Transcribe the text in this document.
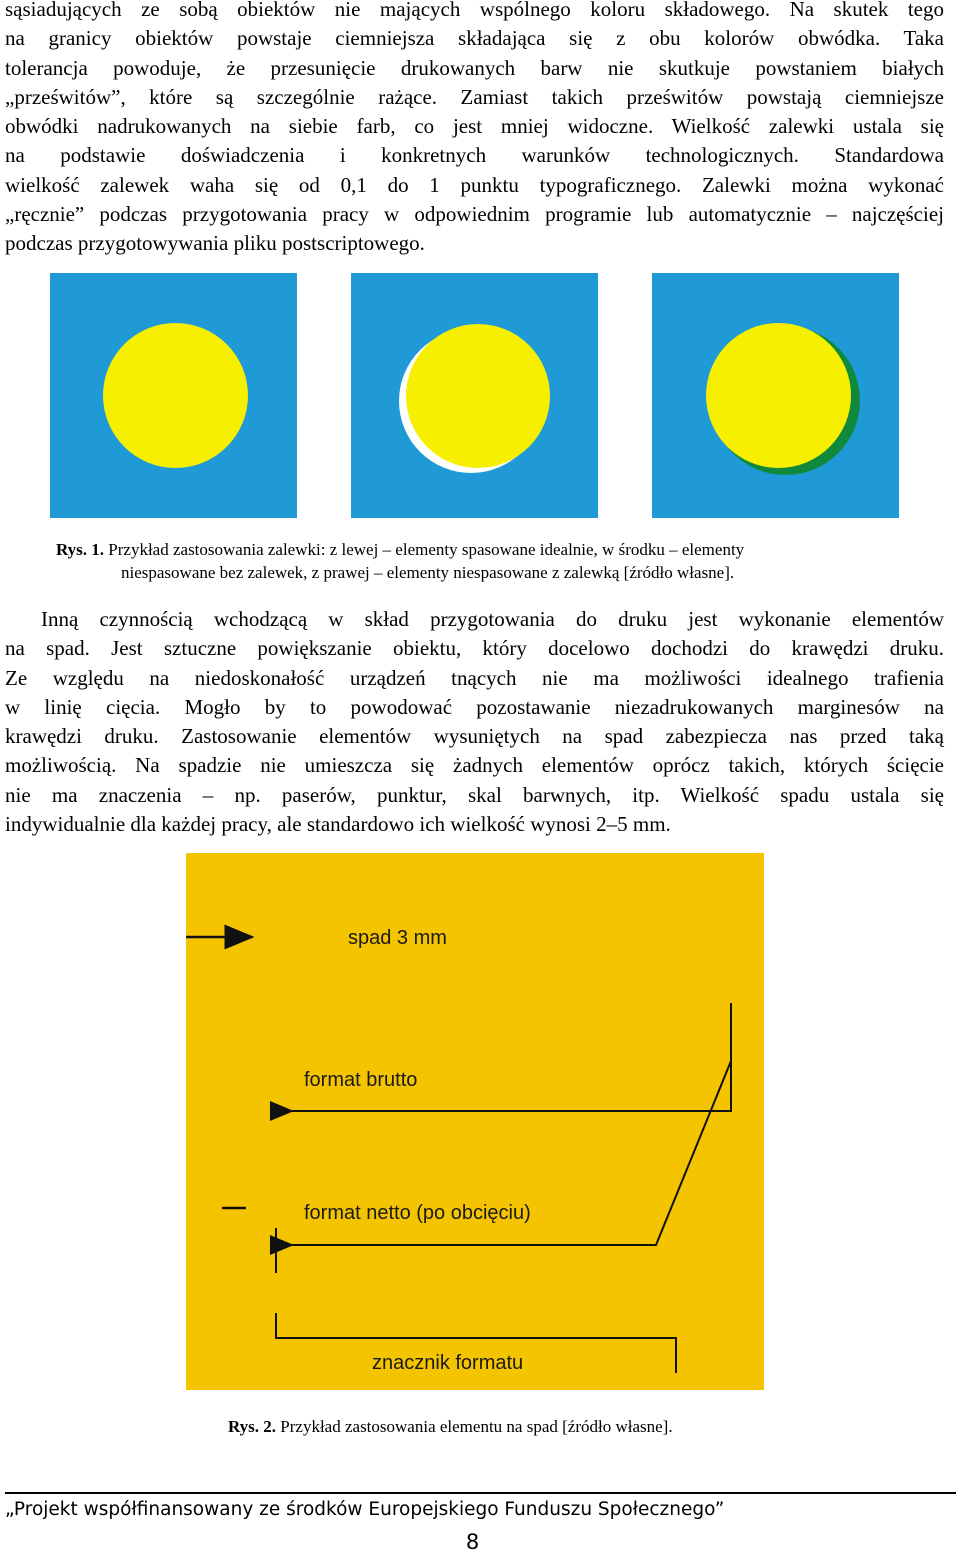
sąsiadujących ze sobą obiektów nie mających wspólnego koloru składowego. Na skutek tego
na granicy obiektów powstaje ciemniejsza składająca się z obu kolorów obwódka. Taka
tolerancja powoduje, że przesunięcie drukowanych barw nie skutkuje powstaniem białych
„prześwitów”, które są szczególnie rażące. Zamiast takich prześwitów powstają ciemniejsze
obwódki nadrukowanych na siebie farb, co jest mniej widoczne. Wielkość zalewki ustala się
na podstawie doświadczenia i konkretnych warunków technologicznych. Standardowa
wielkość zalewek waha się od 0,1 do 1 punktu typograficznego. Zalewki można wykonać
„ręcznie” podczas przygotowania pracy w odpowiednim programie lub automatycznie – najczęściej
podczas przygotowywania pliku postscriptowego.
Rys. 1. Przykład zastosowania zalewki: z lewej – elementy spasowane idealnie, w środku – elementy
niespasowane bez zalewek, z prawej – elementy niespasowane z zalewką [źródło własne].
Inną czynnością wchodzącą w skład przygotowania do druku jest wykonanie elementów
na spad. Jest sztuczne powiększanie obiektu, który docelowo dochodzi do krawędzi druku.
Ze względu na niedoskonałość urządzeń tnących nie ma możliwości idealnego trafienia
w linię cięcia. Mogło by to powodować pozostawanie niezadrukowanych marginesów na
krawędzi druku. Zastosowanie elementów wysuniętych na spad zabezpiecza nas przed taką
możliwością. Na spadzie nie umieszcza się żadnych elementów oprócz takich, których ścięcie
nie ma znaczenia – np. paserów, punktur, skal barwnych, itp. Wielkość spadu ustala się
indywidualnie dla każdej pracy, ale standardowo ich wielkość wynosi 2–5 mm.
spad 3 mm
format brutto
format netto (po obcięciu)
znacznik formatu
Rys. 2. Przykład zastosowania elementu na spad [źródło własne].
„Projekt współfinansowany ze środków Europejskiego Funduszu Społecznego”
8
